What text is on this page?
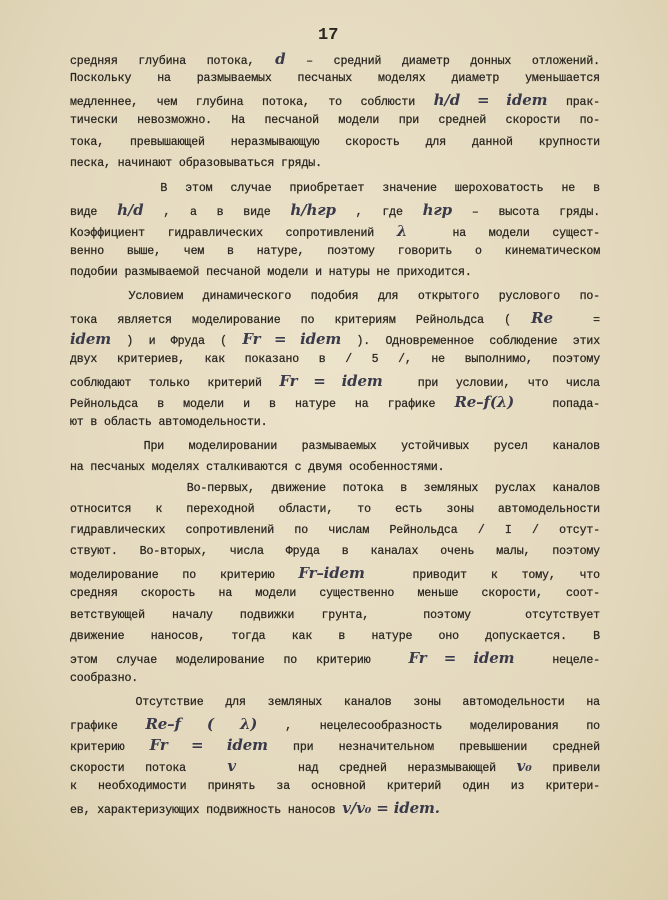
17
средняя глубина потока, d – средний диаметр донных отложений.
Поскольку на размываемых песчаных моделях диаметр уменьшается
медленнее, чем глубина потока, то соблюсти h/d = idem прак-
тически невозможно. На песчаной модели при средней скорости по-
тока, превышающей неразмывающую скорость для данной крупности
песка, начинают образовываться гряды.
В этом случае приобретает значение шероховатость не в
виде h/d , а в виде h/hгр , где hгр – высота гряды.
Коэффициент гидравлических сопротивлений λ  на модели сущест-
венно выше, чем в натуре, поэтому говорить о кинематическом
подобии размываемой песчаной модели и натуры не приходится.
Условием динамического подобия для открытого руслового по-
тока является моделирование по критериям Рейнольдса ( Re  =
idem ) и Фруда ( Fr = idem ). Одновременное соблюдение этих
двух критериев, как показано в / 5 /, не выполнимо, поэтому
соблюдают только критерий Fr = idem  при условии, что числа
Рейнольдса в модели и в натуре на графике Re–f(λ)  попада-
ют в область автомодельности.
При моделировании размываемых устойчивых русел каналов
на песчаных моделях сталкиваются с двумя особенностями.
Во-первых, движение потока в земляных руслах каналов
относится к переходной области, то есть зоны автомодельности
гидравлических сопротивлений по числам Рейнольдса / I / отсут-
ствуют. Во-вторых, числа Фруда в каналах очень малы, поэтому
моделирование по критерию Fr–idem  приводит к тому, что
средняя скорость на модели существенно меньше скорости, соот-
ветствующей началу подвижки грунта,  поэтому  отсутствует
движение наносов, тогда как в натуре оно допускается. В
этом случае моделирование по критерию  Fr = idem  нецеле-
сообразно.
Отсутствие для земляных каналов зоны автомодельности на
графике Re–f ( λ) , нецелесообразность моделирования по
критерию Fr = idem при незначительном превышении средней
скорости потока  v   над средней неразмывающей v₀ привели
к необходимости принять за основной критерий один из критери-
ев, характеризующих подвижность наносов v/v₀ = idem.
